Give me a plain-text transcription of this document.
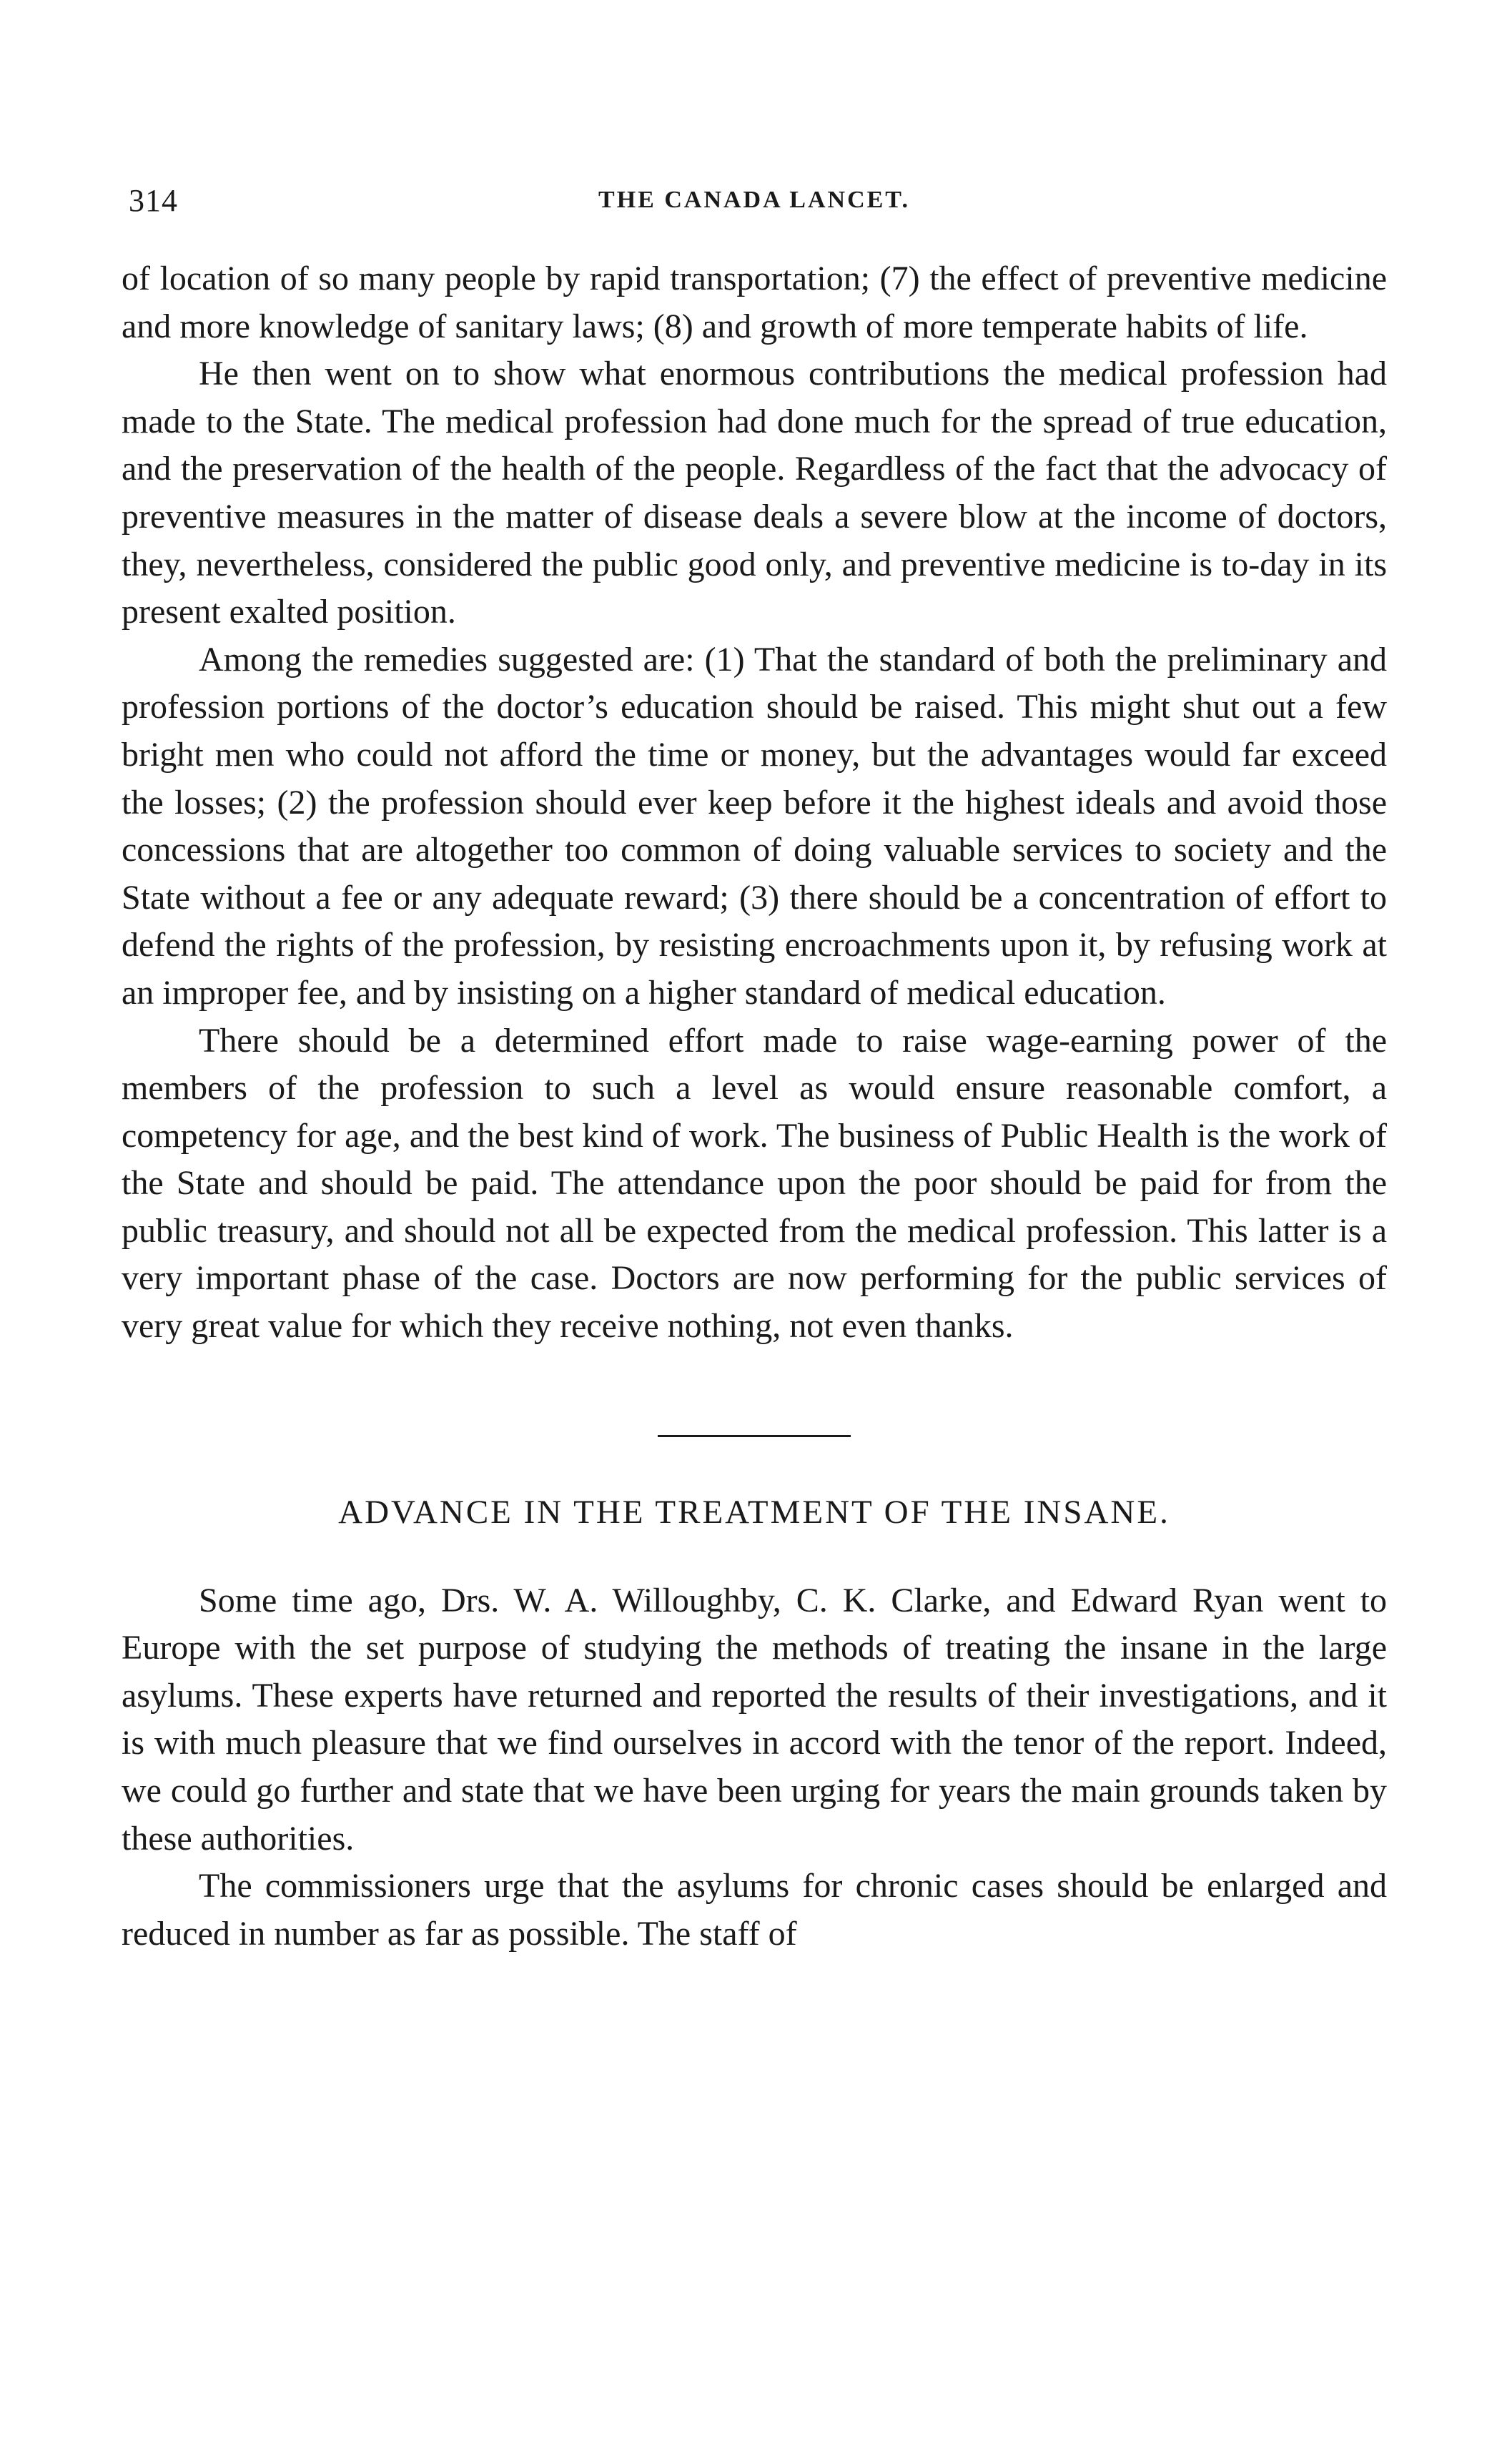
314	THE CANADA LANCET.

of location of so many people by rapid transportation; (7) the effect of preventive medicine and more knowledge of sanitary laws; (8) and growth of more temperate habits of life.

He then went on to show what enormous contributions the medical profession had made to the State. The medical profession had done much for the spread of true education, and the preservation of the health of the people. Regardless of the fact that the advocacy of preventive measures in the matter of disease deals a severe blow at the income of doctors, they, nevertheless, considered the public good only, and preventive medicine is to-day in its present exalted position.

Among the remedies suggested are: (1) That the standard of both the preliminary and profession portions of the doctor’s education should be raised. This might shut out a few bright men who could not afford the time or money, but the advantages would far exceed the losses; (2) the profession should ever keep before it the highest ideals and avoid those concessions that are altogether too common of doing valuable services to society and the State without a fee or any adequate reward; (3) there should be a concentration of effort to defend the rights of the profession, by resisting encroachments upon it, by refusing work at an improper fee, and by insisting on a higher standard of medical education.

There should be a determined effort made to raise wage-earning power of the members of the profession to such a level as would ensure reasonable comfort, a competency for age, and the best kind of work. The business of Public Health is the work of the State and should be paid. The attendance upon the poor should be paid for from the public treasury, and should not all be expected from the medical profession. This latter is a very important phase of the case. Doctors are now performing for the public services of very great value for which they receive nothing, not even thanks.

ADVANCE IN THE TREATMENT OF THE INSANE.

Some time ago, Drs. W. A. Willoughby, C. K. Clarke, and Edward Ryan went to Europe with the set purpose of studying the methods of treating the insane in the large asylums. These experts have returned and reported the results of their investigations, and it is with much pleasure that we find ourselves in accord with the tenor of the report. Indeed, we could go further and state that we have been urging for years the main grounds taken by these authorities.

The commissioners urge that the asylums for chronic cases should be enlarged and reduced in number as far as possible. The staff of
